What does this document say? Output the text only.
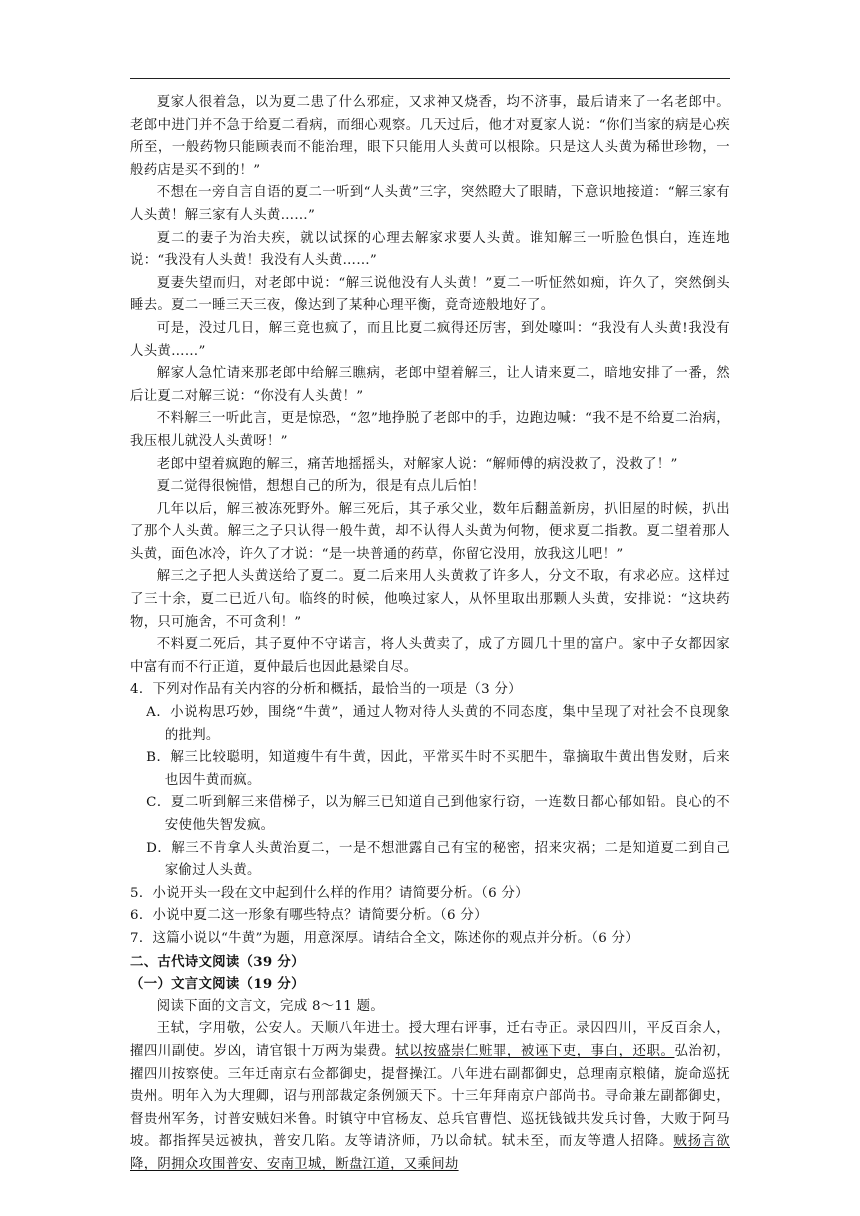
夏家人很着急，以为夏二患了什么邪症，又求神又烧香，均不济事，最后请来了一名老郎中。老郎中进门并不急于给夏二看病，而细心观察。几天过后，他才对夏家人说：“你们当家的病是心疾所至，一般药物只能顾表而不能治理，眼下只能用人头黄可以根除。只是这人头黄为稀世珍物，一般药店是买不到的！”

不想在一旁自言自语的夏二一听到“人头黄”三字，突然瞪大了眼睛，下意识地接道：“解三家有人头黄！解三家有人头黄……”

夏二的妻子为治夫疾，就以试探的心理去解家求要人头黄。谁知解三一听脸色惧白，连连地说：“我没有人头黄！我没有人头黄……”

夏妻失望而归，对老郎中说：“解三说他没有人头黄！”夏二一听怔然如痴，许久了，突然倒头睡去。夏二一睡三天三夜，像达到了某种心理平衡，竟奇迹般地好了。

可是，没过几日，解三竟也疯了，而且比夏二疯得还厉害，到处嚎叫：“我没有人头黄!我没有人头黄……”

解家人急忙请来那老郎中给解三瞧病，老郎中望着解三，让人请来夏二，暗地安排了一番，然后让夏二对解三说：“你没有人头黄！”

不料解三一听此言，更是惊恐，“忽”地挣脱了老郎中的手，边跑边喊：“我不是不给夏二治病，我压根儿就没人头黄呀！”

老郎中望着疯跑的解三，痛苦地摇摇头，对解家人说：“解师傅的病没救了，没救了！”

夏二觉得很惋惜，想想自己的所为，很是有点儿后怕！

几年以后，解三被冻死野外。解三死后，其子承父业，数年后翻盖新房，扒旧屋的时候，扒出了那个人头黄。解三之子只认得一般牛黄，却不认得人头黄为何物，便求夏二指教。夏二望着那人头黄，面色冰冷，许久了才说：“是一块普通的药草，你留它没用，放我这儿吧！”

解三之子把人头黄送给了夏二。夏二后来用人头黄救了许多人，分文不取，有求必应。这样过了三十余，夏二已近八旬。临终的时候，他唤过家人，从怀里取出那颗人头黄，安排说：“这块药物，只可施舍，不可贪利！”

不料夏二死后，其子夏仲不守诺言，将人头黄卖了，成了方圆几十里的富户。家中子女都因家中富有而不行正道，夏仲最后也因此悬梁自尽。

4．下列对作品有关内容的分析和概括，最恰当的一项是（3 分）

A．小说构思巧妙，围绕“牛黄”，通过人物对待人头黄的不同态度，集中呈现了对社会不良现象的批判。

B．解三比较聪明，知道瘦牛有牛黄，因此，平常买牛时不买肥牛，靠摘取牛黄出售发财，后来也因牛黄而疯。

C．夏二听到解三来借梯子，以为解三已知道自己到他家行窃，一连数日都心郁如铅。良心的不安使他失智发疯。

D．解三不肯拿人头黄治夏二，一是不想泄露自己有宝的秘密，招来灾祸；二是知道夏二到自己家偷过人头黄。

5．小说开头一段在文中起到什么样的作用？请简要分析。（6 分）

6．小说中夏二这一形象有哪些特点？请简要分析。（6 分）

7．这篇小说以“牛黄”为题，用意深厚。请结合全文，陈述你的观点并分析。（6 分）

二、古代诗文阅读（39 分）

（一）文言文阅读（19 分）

阅读下面的文言文，完成 8～11 题。

王轼，字用敬，公安人。天顺八年进士。授大理右评事，迁右寺正。录囚四川，平反百余人，擢四川副使。岁凶，请官银十万两为粜费。轼以按盛崇仁赃罪，被诬下吏，事白，还职。弘治初，擢四川按察使。三年迁南京右佥都御史，提督操江。八年进右副都御史，总理南京粮储，旋命巡抚贵州。明年入为大理卿，诏与刑部裁定条例颁天下。十三年拜南京户部尚书。寻命兼左副都御史，督贵州军务，讨普安贼妇米鲁。时镇守中官杨友、总兵官曹恺、巡抚钱钺共发兵讨鲁，大败于阿马坡。都指挥吴远被执，普安几陷。友等请济师，乃以命轼。轼未至，而友等遣人招降。贼扬言欲降，阴拥众攻围普安、安南卫城，断盘江道，又乘间劫
